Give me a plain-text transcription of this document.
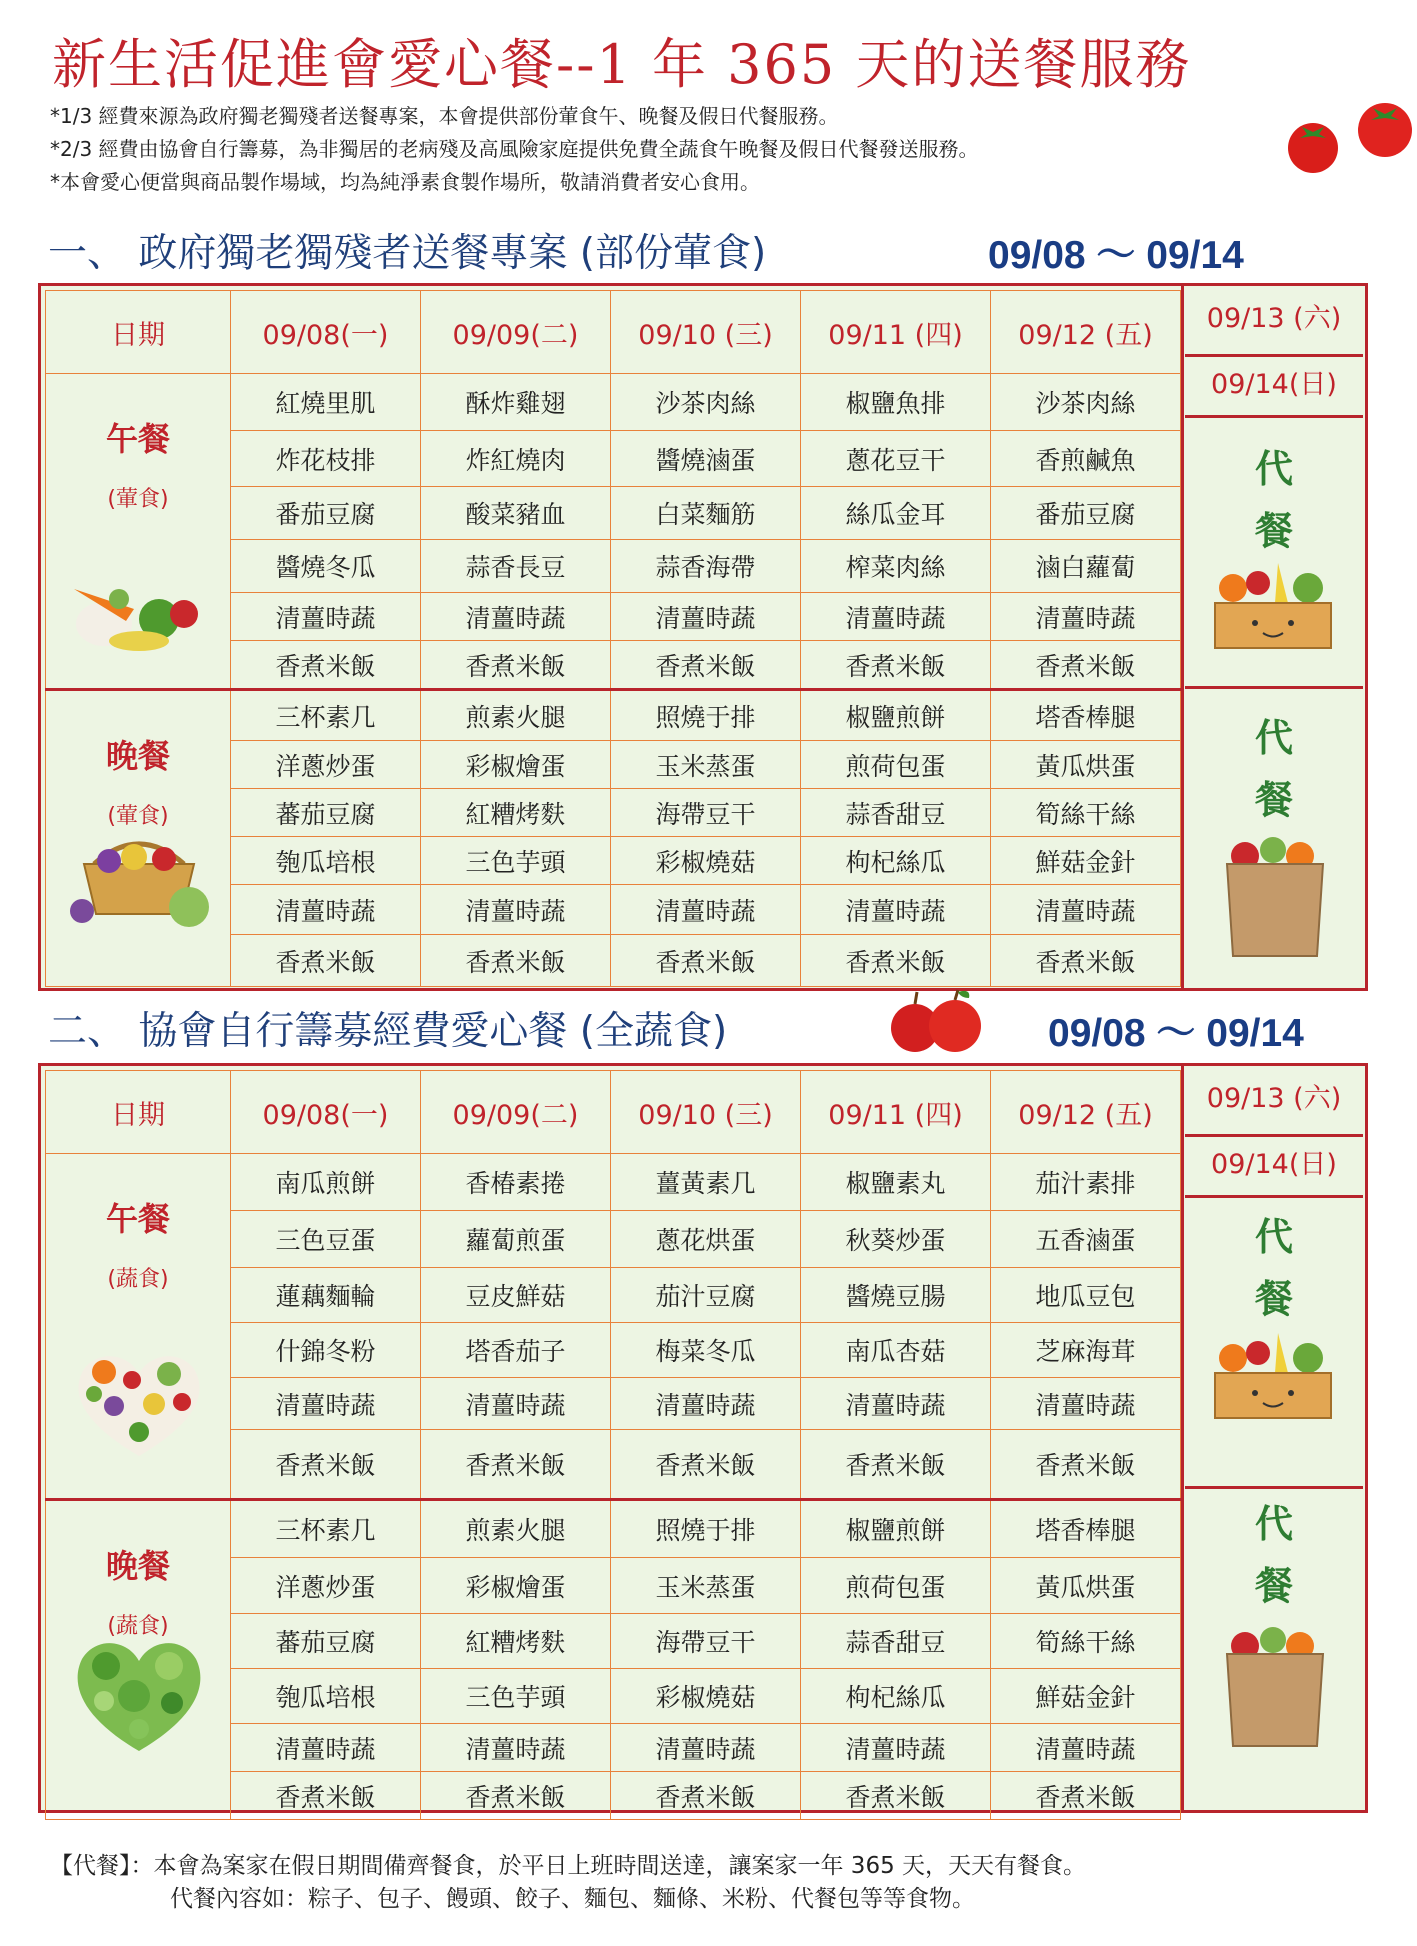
新生活促進會愛心餐--1 年 365 天的送餐服務
*1/3 經費來源為政府獨老獨殘者送餐專案，本會提供部份葷食午、晚餐及假日代餐服務。
*2/3 經費由協會自行籌募，為非獨居的老病殘及高風險家庭提供免費全蔬食午晚餐及假日代餐發送服務。
*本會愛心便當與商品製作場域，均為純淨素食製作場所，敬請消費者安心食用。
一、 政府獨老獨殘者送餐專案 (部份葷食)	09/08 ～ 09/14
日期	09/08(一)	09/09(二)	09/10 (三)	09/11 (四)	09/12 (五)

午餐
(葷食)	紅燒里肌	酥炸雞翅	沙茶肉絲	椒鹽魚排	沙茶肉絲
	炸花枝排	炸紅燒肉	醬燒滷蛋	蔥花豆干	香煎鹹魚
	番茄豆腐	酸菜豬血	白菜麵筋	絲瓜金耳	番茄豆腐
	醬燒冬瓜	蒜香長豆	蒜香海帶	榨菜肉絲	滷白蘿蔔
	清薑時蔬	清薑時蔬	清薑時蔬	清薑時蔬	清薑時蔬
	香煮米飯	香煮米飯	香煮米飯	香煮米飯	香煮米飯

晚餐
(葷食)	三杯素几	煎素火腿	照燒于排	椒鹽煎餅	塔香棒腿
	洋蔥炒蛋	彩椒燴蛋	玉米蒸蛋	煎荷包蛋	黃瓜烘蛋
	蕃茄豆腐	紅糟烤麩	海帶豆干	蒜香甜豆	筍絲干絲
	匏瓜培根	三色芋頭	彩椒燒菇	枸杞絲瓜	鮮菇金針
	清薑時蔬	清薑時蔬	清薑時蔬	清薑時蔬	清薑時蔬
	香煮米飯	香煮米飯	香煮米飯	香煮米飯	香煮米飯
09/13 (六)
09/14(日)
代
餐
代
餐
二、 協會自行籌募經費愛心餐 (全蔬食)	09/08 ～ 09/14
日期	09/08(一)	09/09(二)	09/10 (三)	09/11 (四)	09/12 (五)

午餐
(蔬食)	南瓜煎餅	香椿素捲	薑黃素几	椒鹽素丸	茄汁素排
	三色豆蛋	蘿蔔煎蛋	蔥花烘蛋	秋葵炒蛋	五香滷蛋
	蓮藕麵輪	豆皮鮮菇	茄汁豆腐	醬燒豆腸	地瓜豆包
	什錦冬粉	塔香茄子	梅菜冬瓜	南瓜杏菇	芝麻海茸
	清薑時蔬	清薑時蔬	清薑時蔬	清薑時蔬	清薑時蔬
	香煮米飯	香煮米飯	香煮米飯	香煮米飯	香煮米飯

晚餐
(蔬食)	三杯素几	煎素火腿	照燒于排	椒鹽煎餅	塔香棒腿
	洋蔥炒蛋	彩椒燴蛋	玉米蒸蛋	煎荷包蛋	黃瓜烘蛋
	蕃茄豆腐	紅糟烤麩	海帶豆干	蒜香甜豆	筍絲干絲
	匏瓜培根	三色芋頭	彩椒燒菇	枸杞絲瓜	鮮菇金針
	清薑時蔬	清薑時蔬	清薑時蔬	清薑時蔬	清薑時蔬
	香煮米飯	香煮米飯	香煮米飯	香煮米飯	香煮米飯
09/13 (六)
09/14(日)
代
餐
代
餐
【代餐】：本會為案家在假日期間備齊餐食，於平日上班時間送達，讓案家一年 365 天，天天有餐食。
代餐內容如：粽子、包子、饅頭、餃子、麵包、麵條、米粉、代餐包等等食物。
